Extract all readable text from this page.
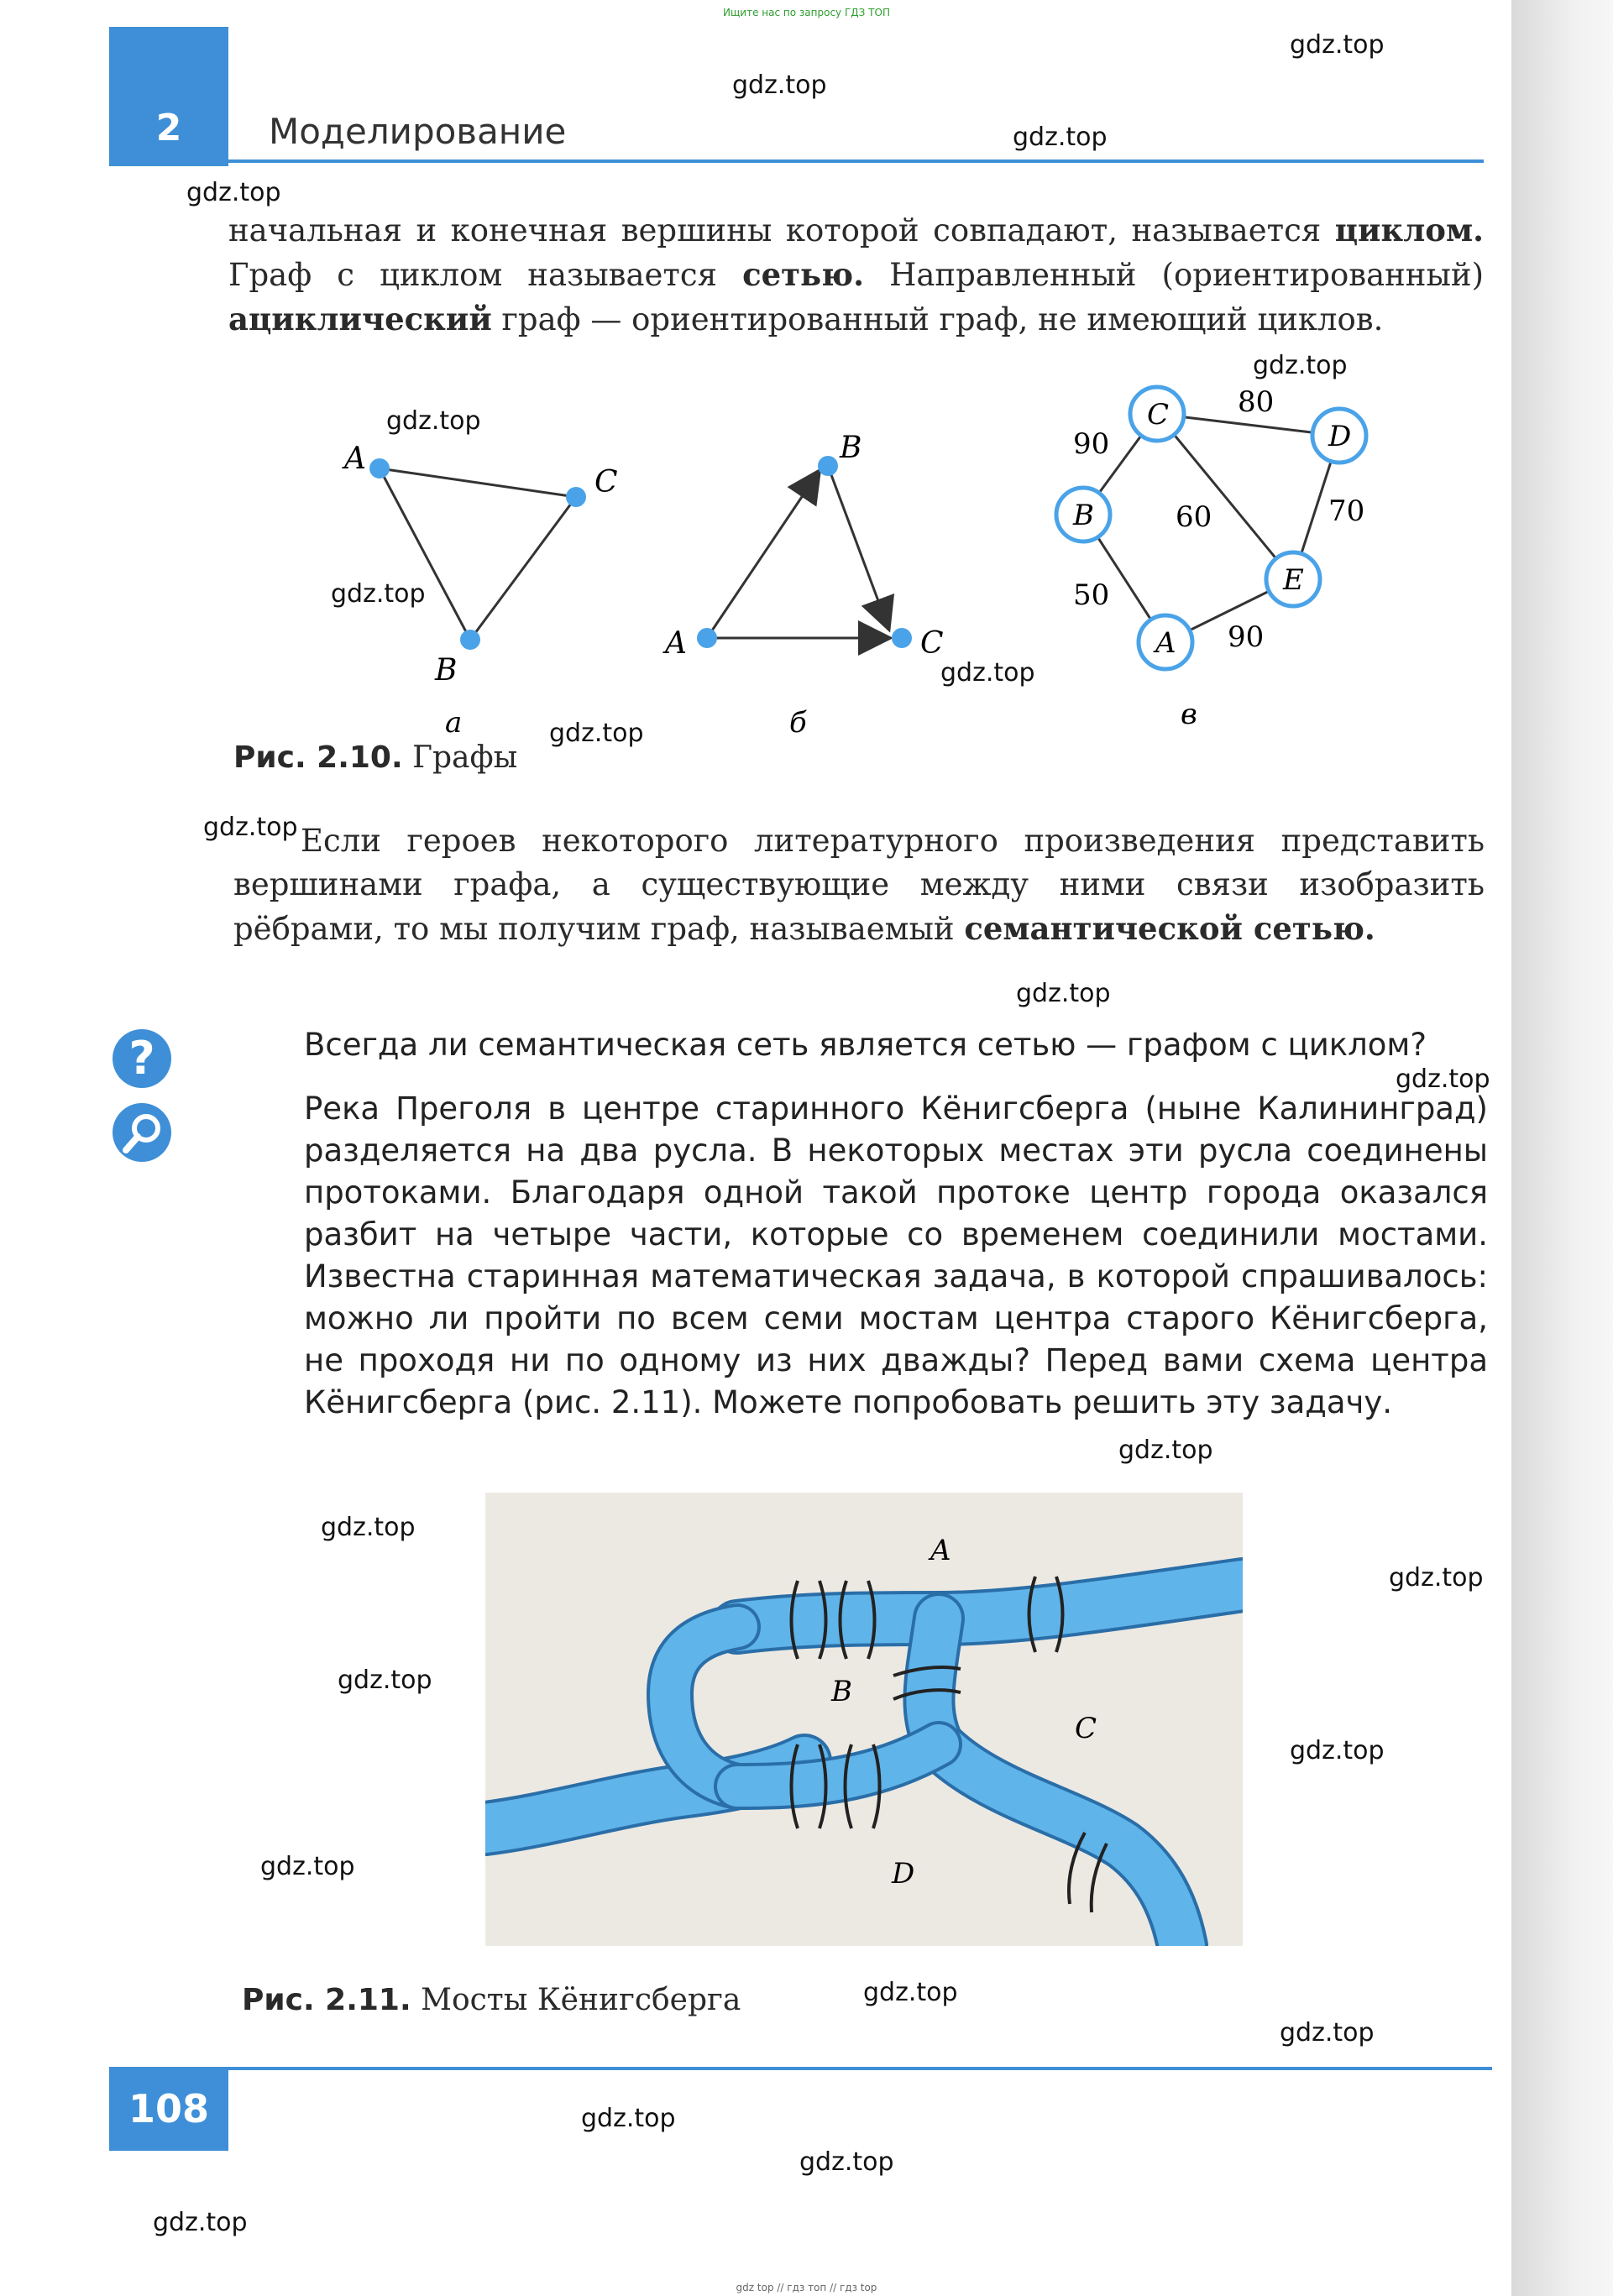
Ищите нас по запросу ГДЗ ТОП
2	Моделирование
начальная и конечная вершины которой совпадают, называется циклом. Граф с циклом называется сетью. Направленный (ориентированный) ациклический граф — ориентированный граф, не имеющий циклов.
A
C
B
а
B
A	C
б
C
D
B
E
A
80
90
60	70
50
90
в
Рис. 2.10. Графы
Если героев некоторого литературного произведения представить вершинами графа, а существующие между ними связи изобразить рёбрами, то мы получим граф, называемый семантической сетью.
?	Всегда ли семантическая сеть является сетью — графом с циклом?
Река Преголя в центре старинного Кёнигсберга (ныне Калининград) разделяется на два русла. В некоторых местах эти русла соединены протоками. Благодаря одной такой протоке центр города оказался разбит на четыре части, которые со временем соединили мостами. Известна старинная математическая задача, в которой спрашивалось: можно ли пройти по всем семи мостам центра старого Кёнигсберга, не проходя ни по одному из них дважды? Перед вами схема центра Кёнигсберга (рис. 2.11). Можете попробовать решить эту задачу.
A
B
C
D
Рис. 2.11. Мосты Кёнигсберга
108
gdz.top
gdz.top
gdz.top
gdz.top
gdz.top
gdz.top
gdz.top
gdz.top
gdz.top
gdz.top
gdz.top
gdz.top
gdz.top
gdz.top
gdz.top
gdz.top
gdz.top
gdz.top
gdz.top
gdz.top
gdz.top
gdz.top
gdz.top
gdz top // гдз топ // гдз top
